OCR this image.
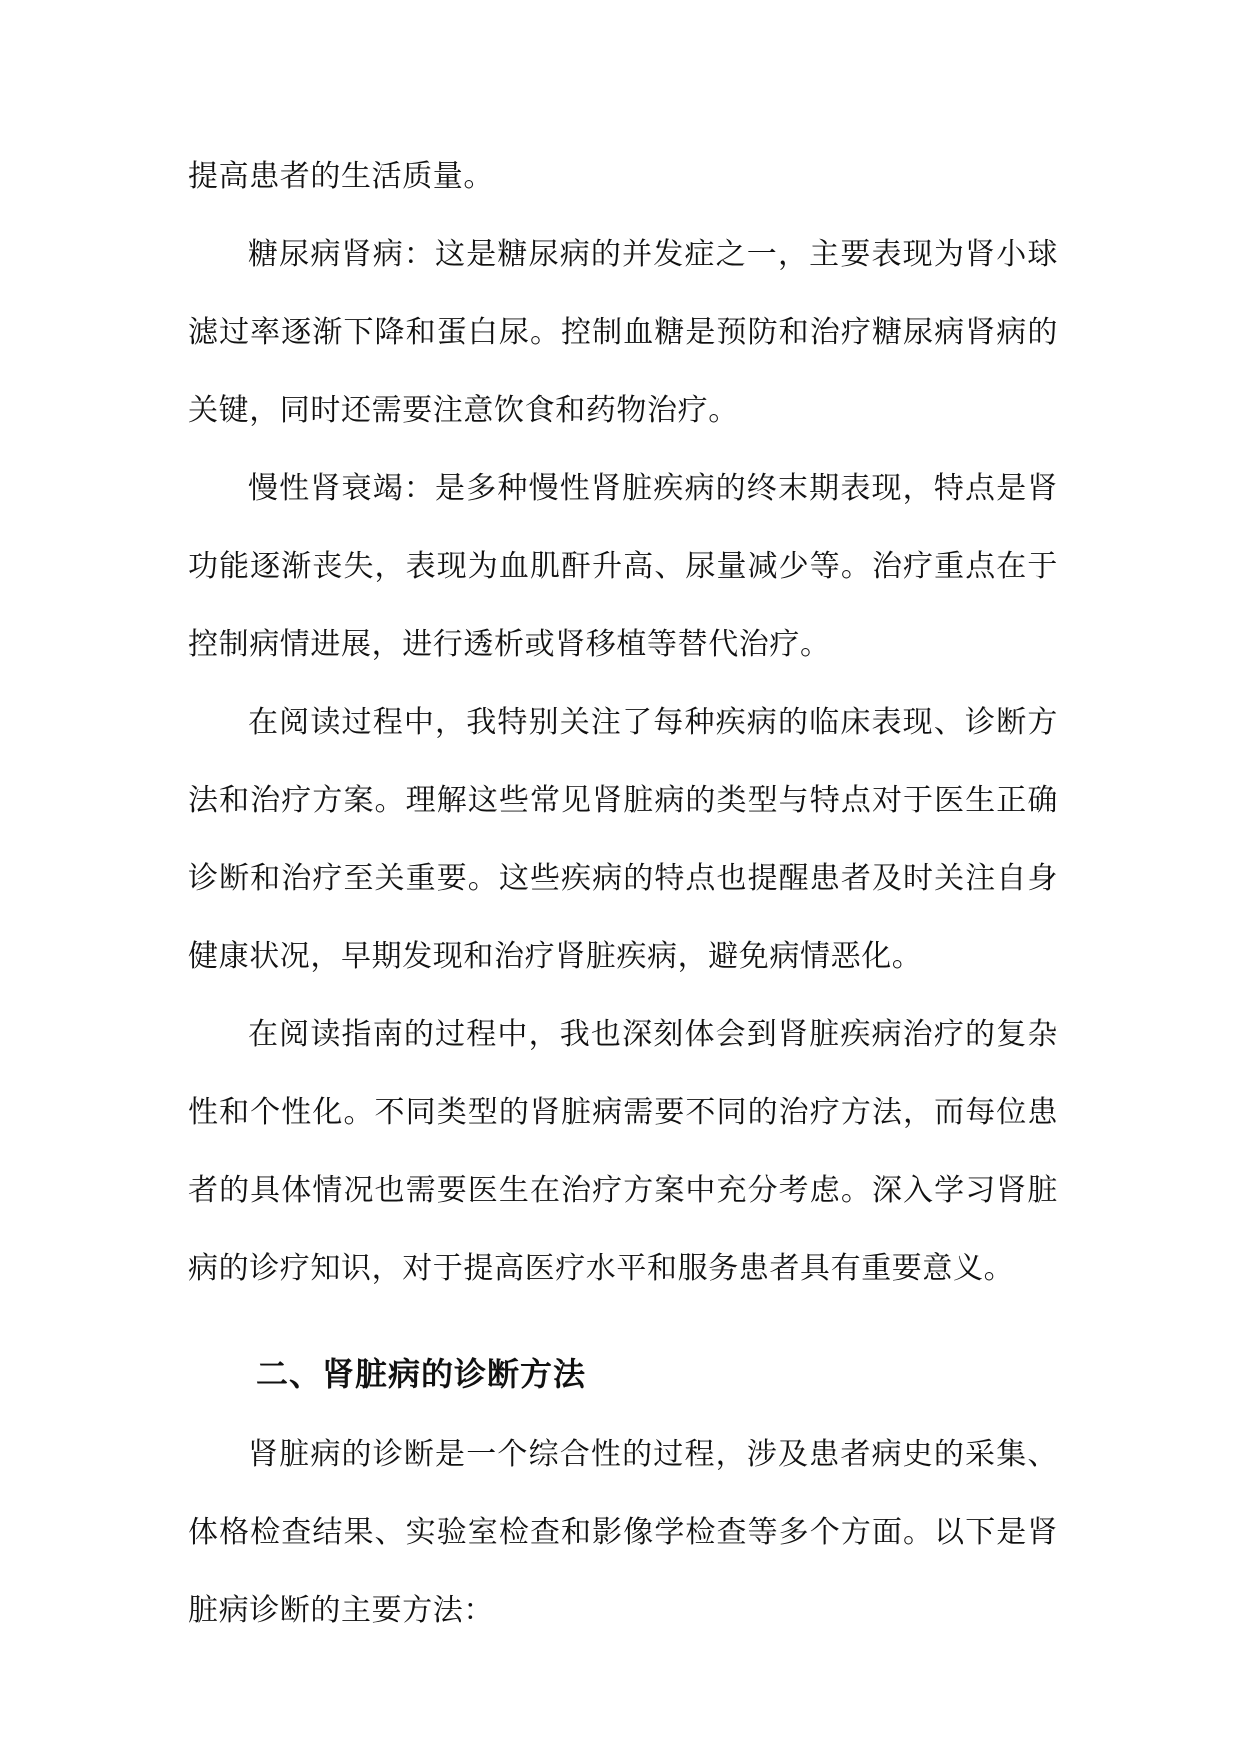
提高患者的生活质量。

糖尿病肾病：这是糖尿病的并发症之一，主要表现为肾小球滤过率逐渐下降和蛋白尿。控制血糖是预防和治疗糖尿病肾病的关键，同时还需要注意饮食和药物治疗。

慢性肾衰竭：是多种慢性肾脏疾病的终末期表现，特点是肾功能逐渐丧失，表现为血肌酐升高、尿量减少等。治疗重点在于控制病情进展，进行透析或肾移植等替代治疗。

在阅读过程中，我特别关注了每种疾病的临床表现、诊断方法和治疗方案。理解这些常见肾脏病的类型与特点对于医生正确诊断和治疗至关重要。这些疾病的特点也提醒患者及时关注自身健康状况，早期发现和治疗肾脏疾病，避免病情恶化。

在阅读指南的过程中，我也深刻体会到肾脏疾病治疗的复杂性和个性化。不同类型的肾脏病需要不同的治疗方法，而每位患者的具体情况也需要医生在治疗方案中充分考虑。深入学习肾脏病的诊疗知识，对于提高医疗水平和服务患者具有重要意义。

二、肾脏病的诊断方法

肾脏病的诊断是一个综合性的过程，涉及患者病史的采集、体格检查结果、实验室检查和影像学检查等多个方面。以下是肾脏病诊断的主要方法：
